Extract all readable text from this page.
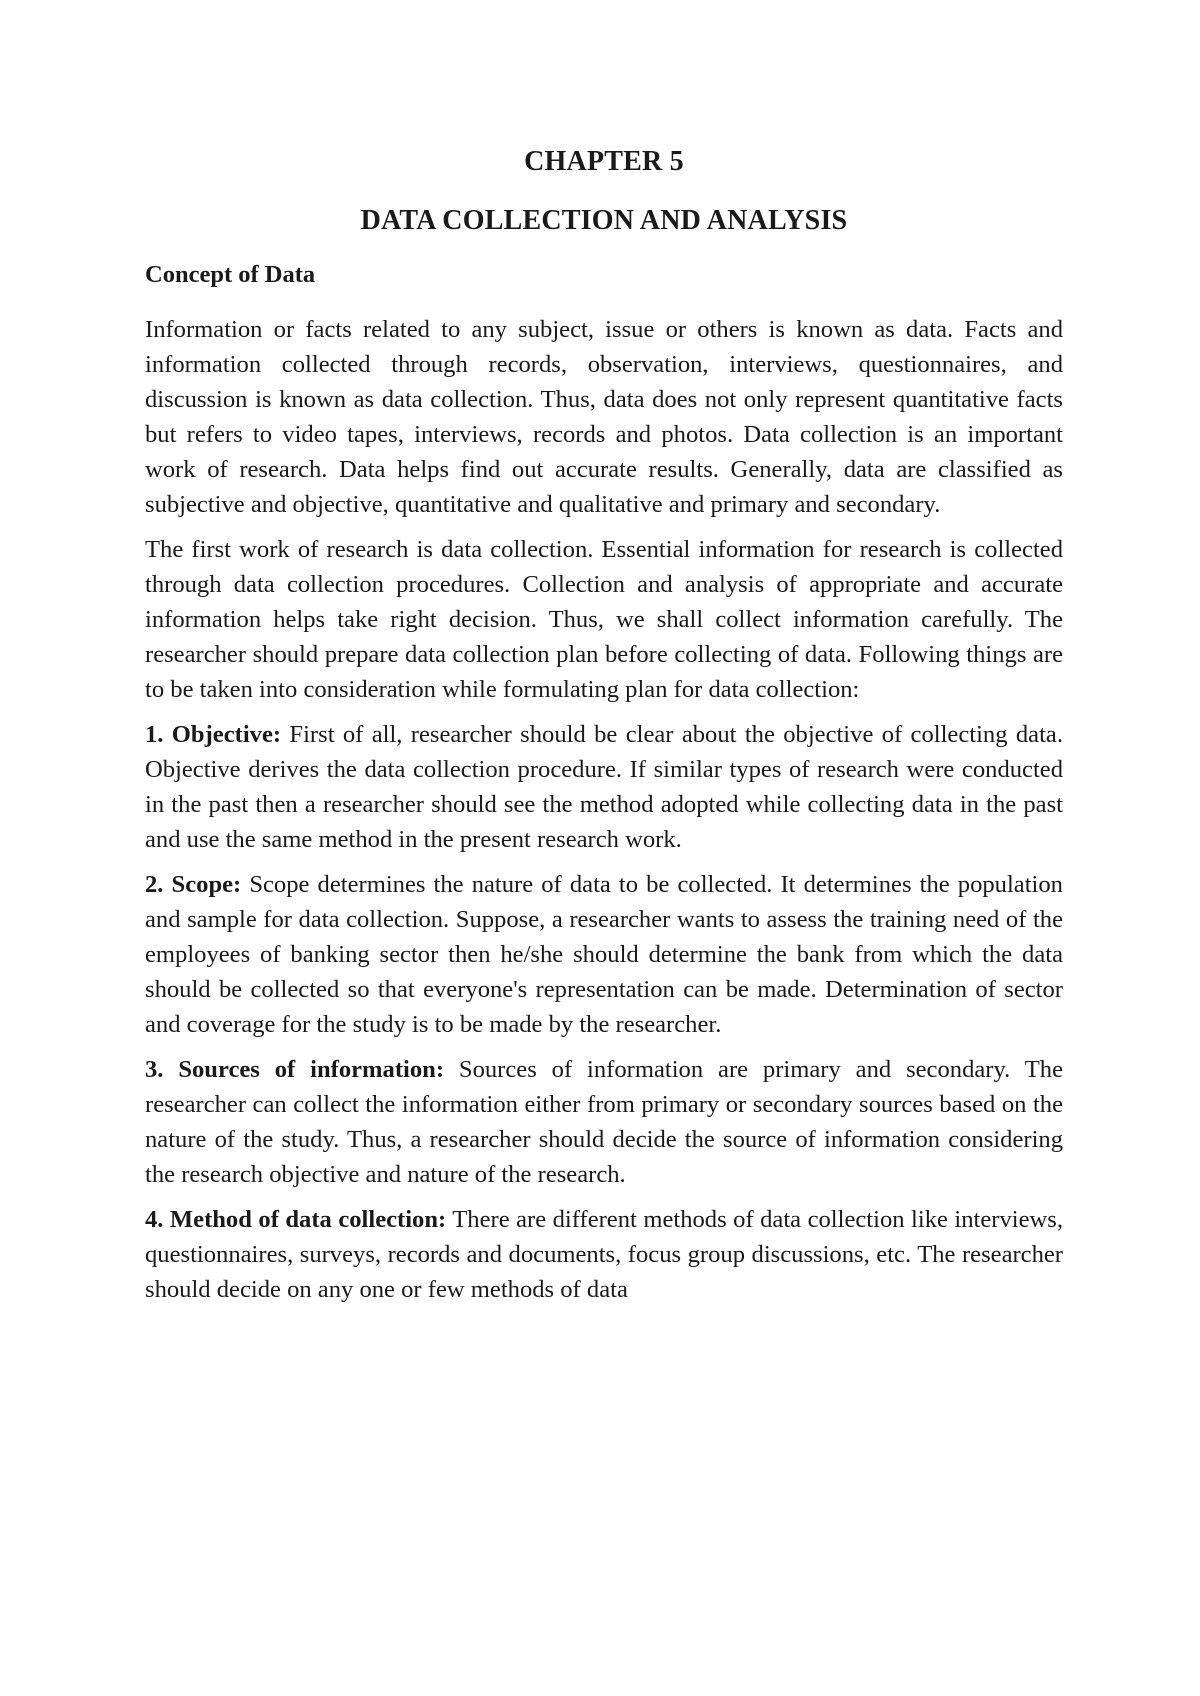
CHAPTER 5
DATA COLLECTION AND ANALYSIS
Concept of Data

Information or facts related to any subject, issue or others is known as data. Facts and information collected through records, observation, interviews, questionnaires, and discussion is known as data collection. Thus, data does not only represent quantitative facts but refers to video tapes, interviews, records and photos. Data collection is an important work of research. Data helps find out accurate results. Generally, data are classified as subjective and objective, quantitative and qualitative and primary and secondary.

The first work of research is data collection. Essential information for research is collected through data collection procedures. Collection and analysis of appropriate and accurate information helps take right decision. Thus, we shall collect information carefully. The researcher should prepare data collection plan before collecting of data. Following things are to be taken into consideration while formulating plan for data collection:

1. Objective: First of all, researcher should be clear about the objective of collecting data. Objective derives the data collection procedure. If similar types of research were conducted in the past then a researcher should see the method adopted while collecting data in the past and use the same method in the present research work.

2. Scope: Scope determines the nature of data to be collected. It determines the population and sample for data collection. Suppose, a researcher wants to assess the training need of the employees of banking sector then he/she should determine the bank from which the data should be collected so that everyone's representation can be made. Determination of sector and coverage for the study is to be made by the researcher.

3. Sources of information: Sources of information are primary and secondary. The researcher can collect the information either from primary or secondary sources based on the nature of the study. Thus, a researcher should decide the source of information considering the research objective and nature of the research.

4. Method of data collection: There are different methods of data collection like interviews, questionnaires, surveys, records and documents, focus group discussions, etc. The researcher should decide on any one or few methods of data
